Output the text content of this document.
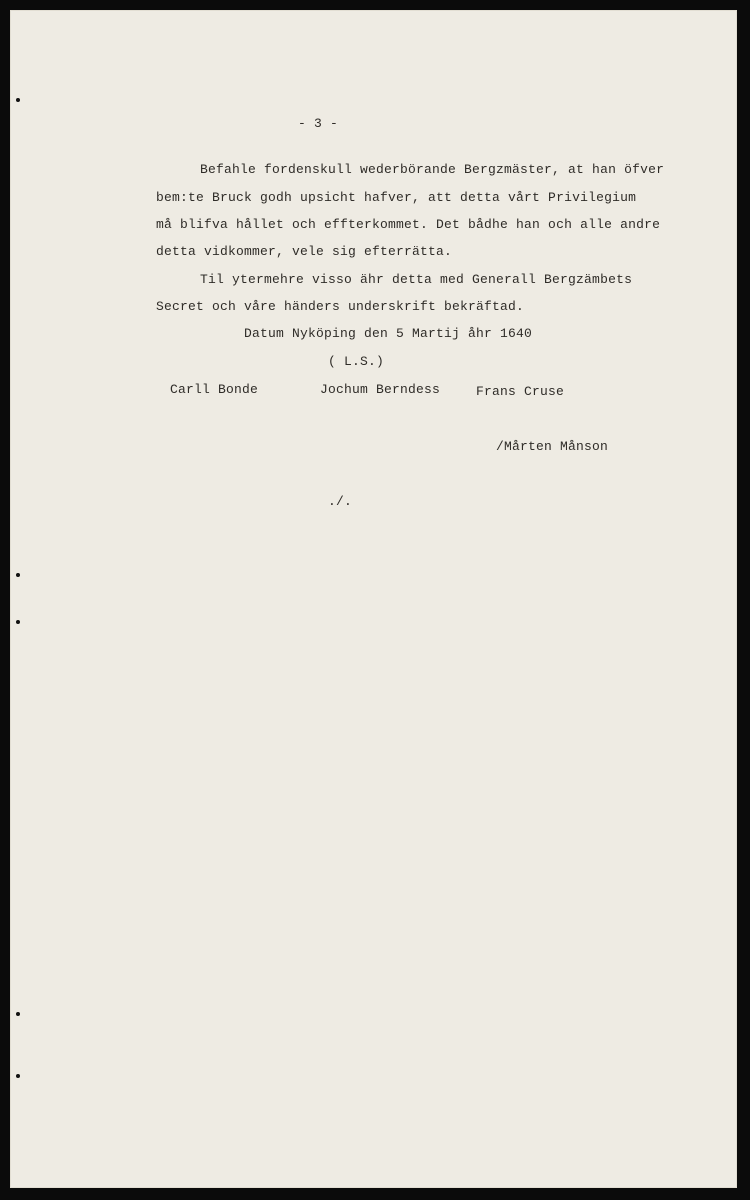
- 3 -
Befahle fordenskull wederbörande Bergzmäster, at han öfver
bem:te Bruck godh upsicht hafver, att detta vårt Privilegium
må blifva hållet och effterkommet. Det bådhe han och alle andre
detta vidkommer, vele sig efterrätta.
Til ytermehre visso ähr detta med Generall Bergzämbets
Secret och våre händers underskrift bekräftad.
Datum Nyköping den 5 Martij åhr 1640
( L.S.)
Carll Bonde	Jochum Berndess	Frans Cruse
/Mårten Månson
./.
